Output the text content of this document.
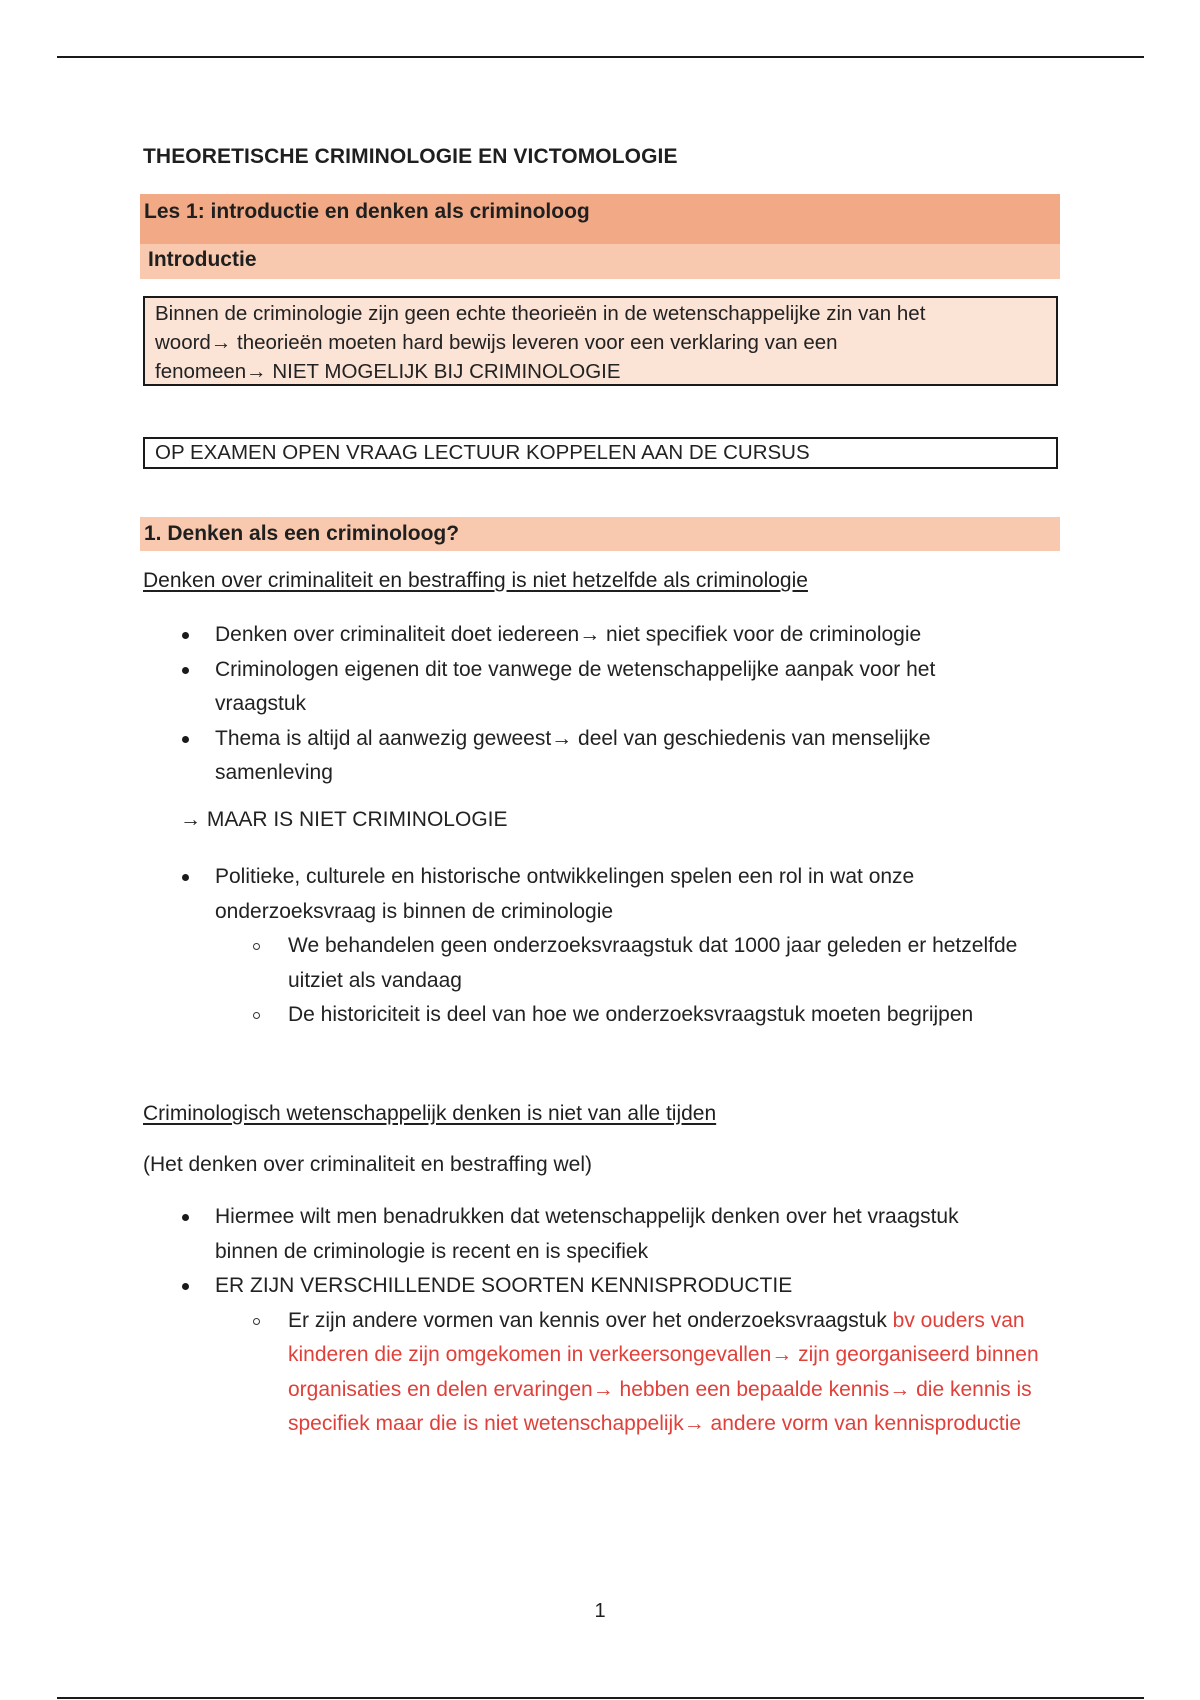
THEORETISCHE CRIMINOLOGIE EN VICTOMOLOGIE
Les 1: introductie en denken als criminoloog
Introductie
Binnen de criminologie zijn geen echte theorieën in de wetenschappelijke zin van het
woord→ theorieën moeten hard bewijs leveren voor een verklaring van een
fenomeen→ NIET MOGELIJK BIJ CRIMINOLOGIE
OP EXAMEN OPEN VRAAG LECTUUR KOPPELEN AAN DE CURSUS
1. Denken als een criminoloog?
Denken over criminaliteit en bestraffing is niet hetzelfde als criminologie
Denken over criminaliteit doet iedereen→ niet specifiek voor de criminologie
Criminologen eigenen dit toe vanwege de wetenschappelijke aanpak voor het vraagstuk
Thema is altijd al aanwezig geweest→ deel van geschiedenis van menselijke samenleving
→ MAAR IS NIET CRIMINOLOGIE
Politieke, culturele en historische ontwikkelingen spelen een rol in wat onze onderzoeksvraag is binnen de criminologie
We behandelen geen onderzoeksvraagstuk dat 1000 jaar geleden er hetzelfde uitziet als vandaag
De historiciteit is deel van hoe we onderzoeksvraagstuk moeten begrijpen
Criminologisch wetenschappelijk denken is niet van alle tijden
(Het denken over criminaliteit en bestraffing wel)
Hiermee wilt men benadrukken dat wetenschappelijk denken over het vraagstuk binnen de criminologie is recent en is specifiek
ER ZIJN VERSCHILLENDE SOORTEN KENNISPRODUCTIE
Er zijn andere vormen van kennis over het onderzoeksvraagstuk bv ouders van kinderen die zijn omgekomen in verkeersongevallen→ zijn georganiseerd binnen organisaties en delen ervaringen→ hebben een bepaalde kennis→ die kennis is specifiek maar die is niet wetenschappelijk→ andere vorm van kennisproductie
1
